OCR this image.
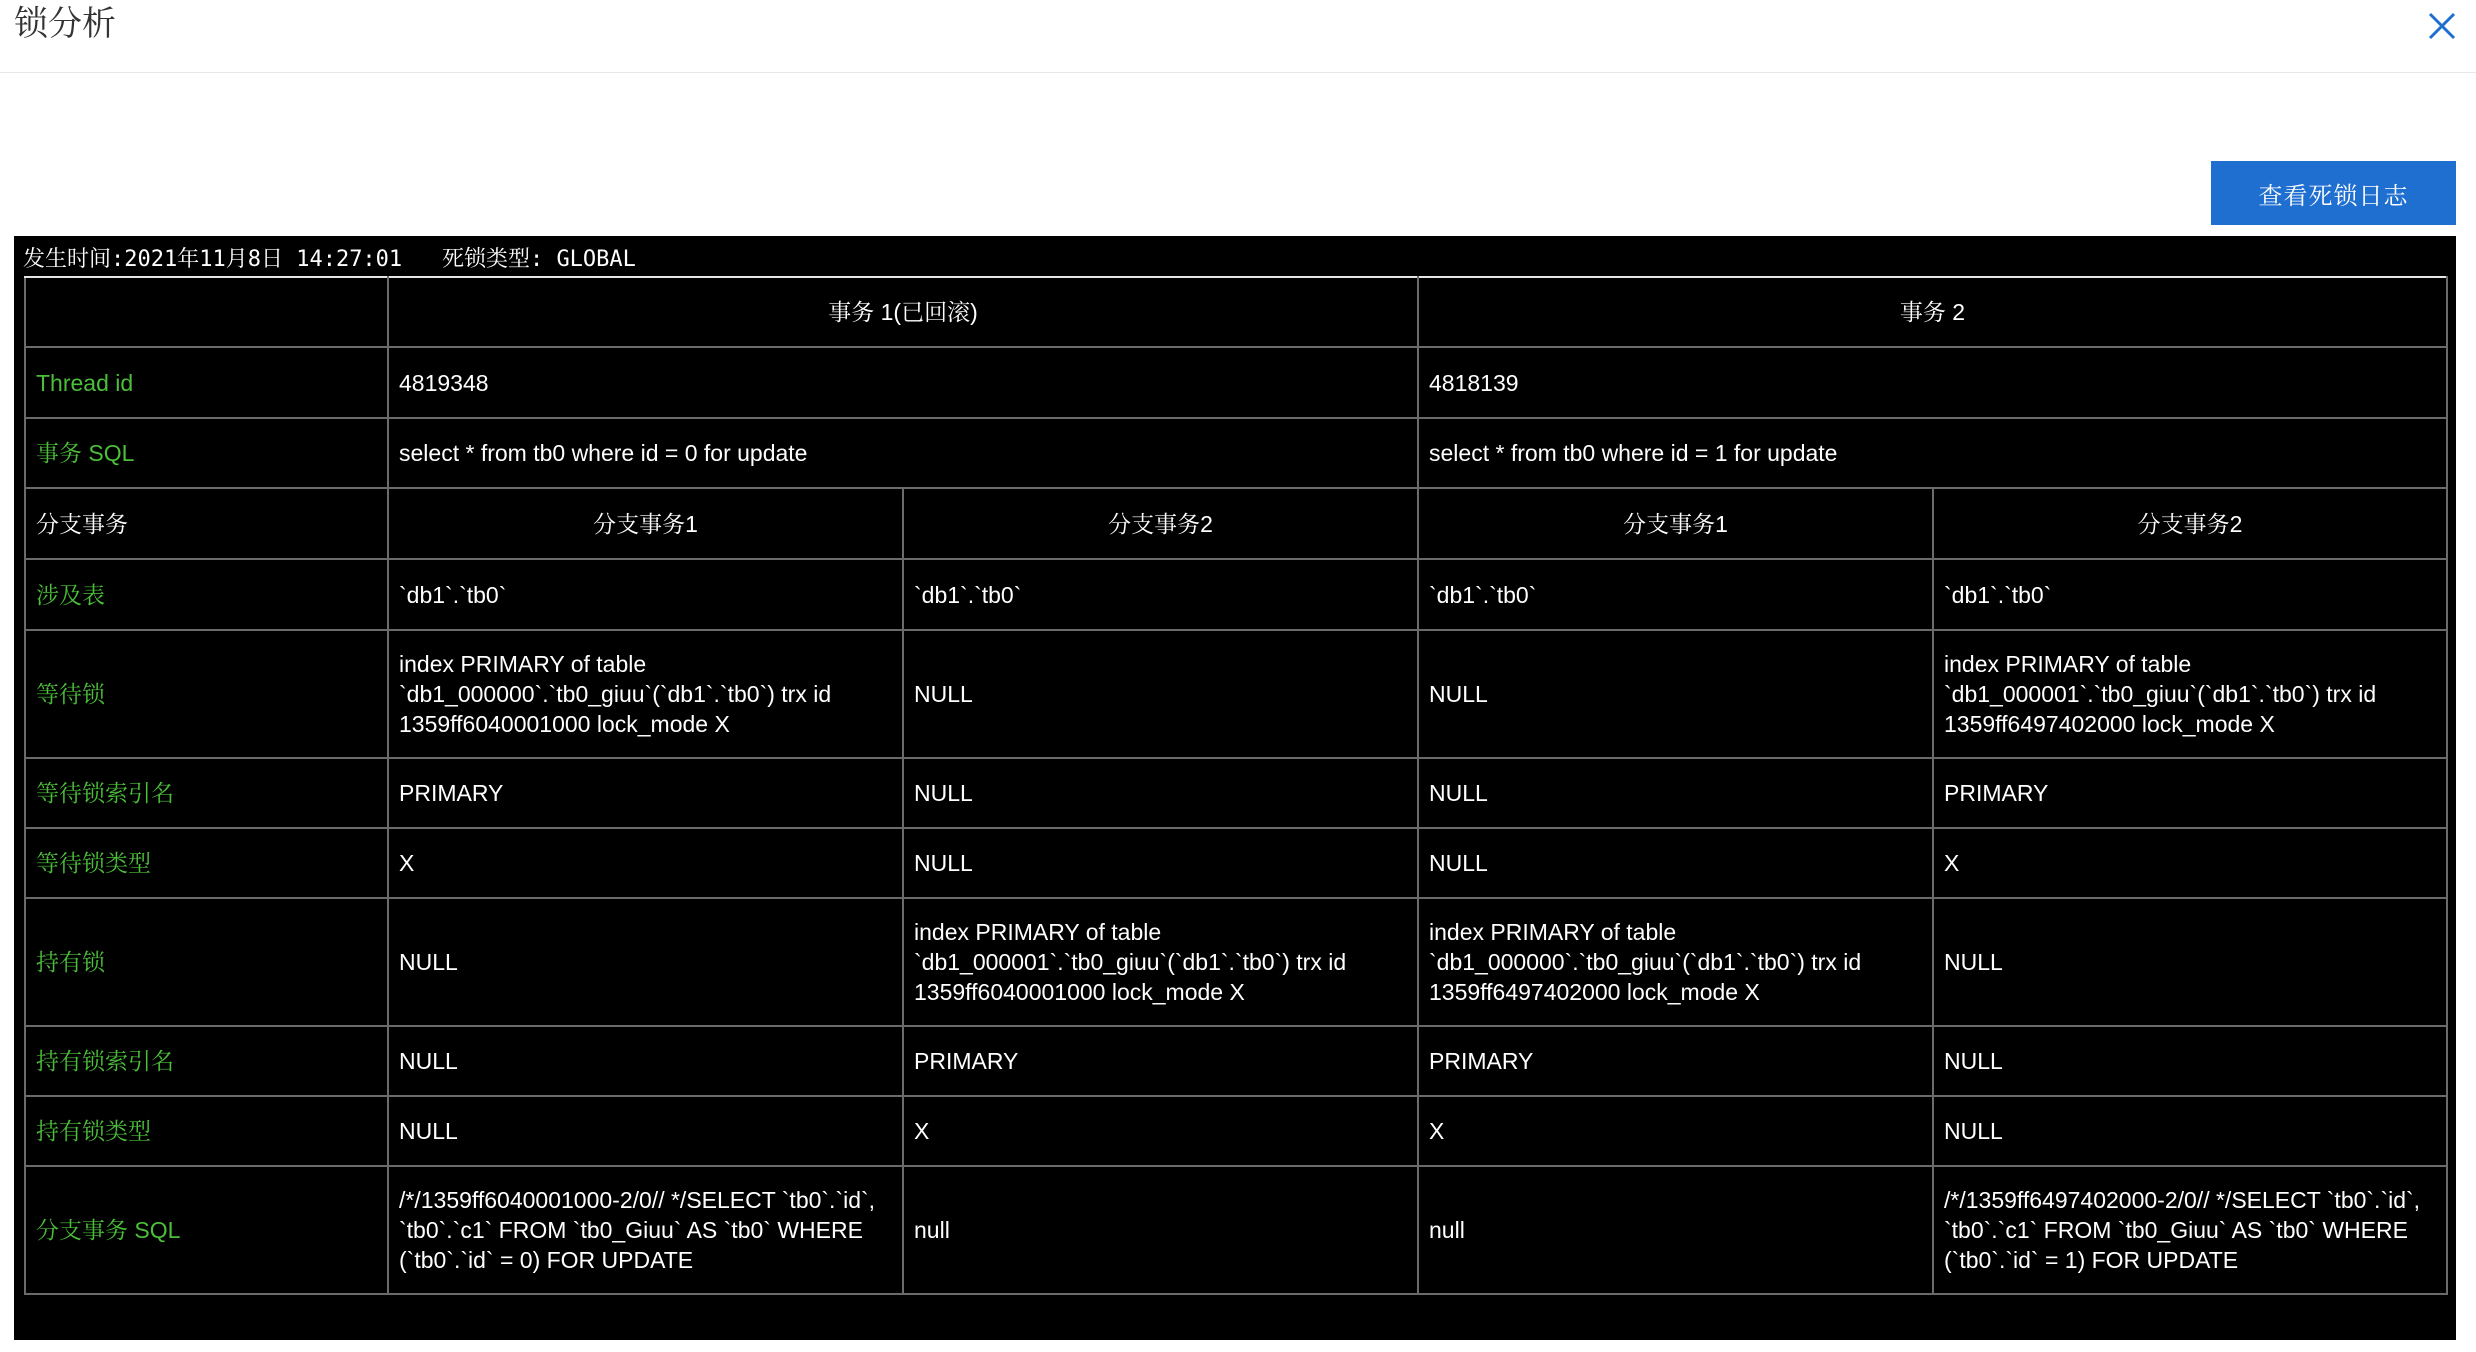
锁分析
查看死锁日志
发生时间:2021年11月8日 14:27:01 死锁类型: GLOBAL
	事务 1(已回滚)		事务 2	
Thread id	4819348		4818139	
事务 SQL	select * from tb0 where id = 0 for update		select * from tb0 where id = 1 for update	
分支事务	分支事务1	分支事务2	分支事务1	分支事务2
涉及表	`db1`.`tb0`	`db1`.`tb0`	`db1`.`tb0`	`db1`.`tb0`
等待锁	index PRIMARY of table `db1_000000`.`tb0_giuu`(`db1`.`tb0`) trx id 1359ff6040001000 lock_mode X	NULL	NULL	index PRIMARY of table `db1_000001`.`tb0_giuu`(`db1`.`tb0`) trx id 1359ff6497402000 lock_mode X
等待锁索引名	PRIMARY	NULL	NULL	PRIMARY
等待锁类型	X	NULL	NULL	X
持有锁	NULL	index PRIMARY of table `db1_000001`.`tb0_giuu`(`db1`.`tb0`) trx id 1359ff6040001000 lock_mode X	index PRIMARY of table `db1_000000`.`tb0_giuu`(`db1`.`tb0`) trx id 1359ff6497402000 lock_mode X	NULL
持有锁索引名	NULL	PRIMARY	PRIMARY	NULL
持有锁类型	NULL	X	X	NULL
分支事务 SQL	/*/1359ff6040001000-2/0// */SELECT `tb0`.`id`, `tb0`.`c1` FROM `tb0_Giuu` AS `tb0` WHERE (`tb0`.`id` = 0) FOR UPDATE	null	null	/*/1359ff6497402000-2/0// */SELECT `tb0`.`id`, `tb0`.`c1` FROM `tb0_Giuu` AS `tb0` WHERE (`tb0`.`id` = 1) FOR UPDATE
